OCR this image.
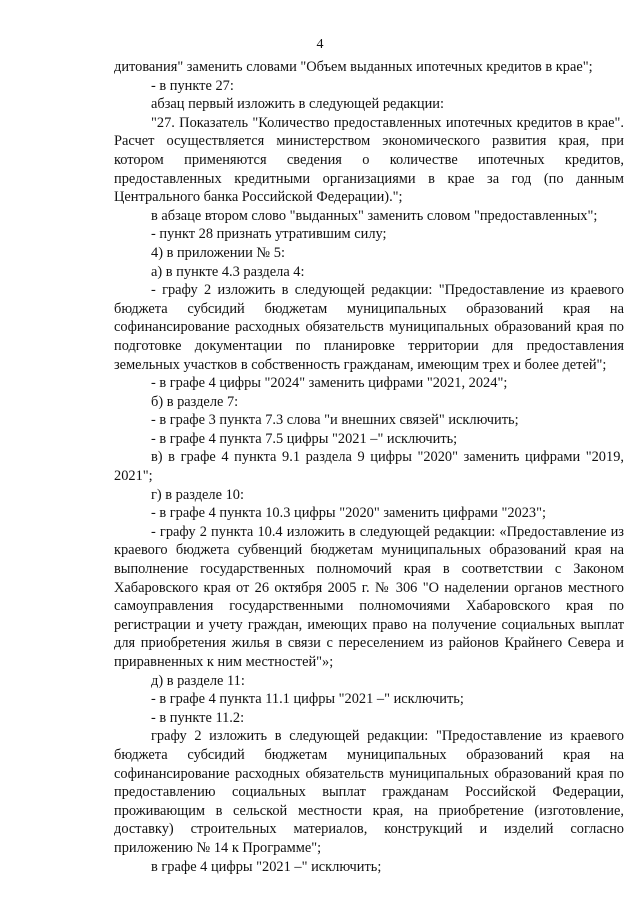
4

дитования" заменить словами "Объем выданных ипотечных кредитов в крае";

- в пункте 27:

абзац первый изложить в следующей редакции:

"27. Показатель "Количество предоставленных ипотечных кредитов в крае". Расчет осуществляется министерством экономического развития края, при котором применяются сведения о количестве ипотечных кредитов, предоставленных кредитными организациями в крае за год (по данным Центрального банка Российской Федерации).";

в абзаце втором слово "выданных" заменить словом "предоставленных";

- пункт 28 признать утратившим силу;

4) в приложении № 5:

а) в пункте 4.3 раздела 4:

- графу 2 изложить в следующей редакции: "Предоставление из краевого бюджета субсидий бюджетам муниципальных образований края на софинансирование расходных обязательств муниципальных образований края по подготовке документации по планировке территории для предоставления земельных участков в собственность гражданам, имеющим трех и более детей";

- в графе 4 цифры "2024" заменить цифрами "2021, 2024";

б) в разделе 7:

- в графе 3 пункта 7.3 слова "и внешних связей" исключить;

- в графе 4 пункта 7.5 цифры "2021 –" исключить;

в) в графе 4 пункта 9.1 раздела 9 цифры "2020" заменить цифрами "2019, 2021";

г) в разделе 10:

- в графе 4 пункта 10.3 цифры "2020" заменить цифрами "2023";

- графу 2 пункта 10.4 изложить в следующей редакции: «Предоставление из краевого бюджета субвенций бюджетам муниципальных образований края на выполнение государственных полномочий края в соответствии с Законом Хабаровского края от 26 октября 2005 г. № 306 "О наделении органов местного самоуправления государственными полномочиями Хабаровского края по регистрации и учету граждан, имеющих право на получение социальных выплат для приобретения жилья в связи с переселением из районов Крайнего Севера и приравненных к ним местностей"»;

д) в разделе 11:

- в графе 4 пункта 11.1 цифры "2021 –" исключить;

- в пункте 11.2:

графу 2 изложить в следующей редакции: "Предоставление из краевого бюджета субсидий бюджетам муниципальных образований края на софинансирование расходных обязательств муниципальных образований края по предоставлению социальных выплат гражданам Российской Федерации, проживающим в сельской местности края, на приобретение (изготовление, доставку) строительных материалов, конструкций и изделий согласно приложению № 14 к Программе";

в графе 4 цифры "2021 –" исключить;
